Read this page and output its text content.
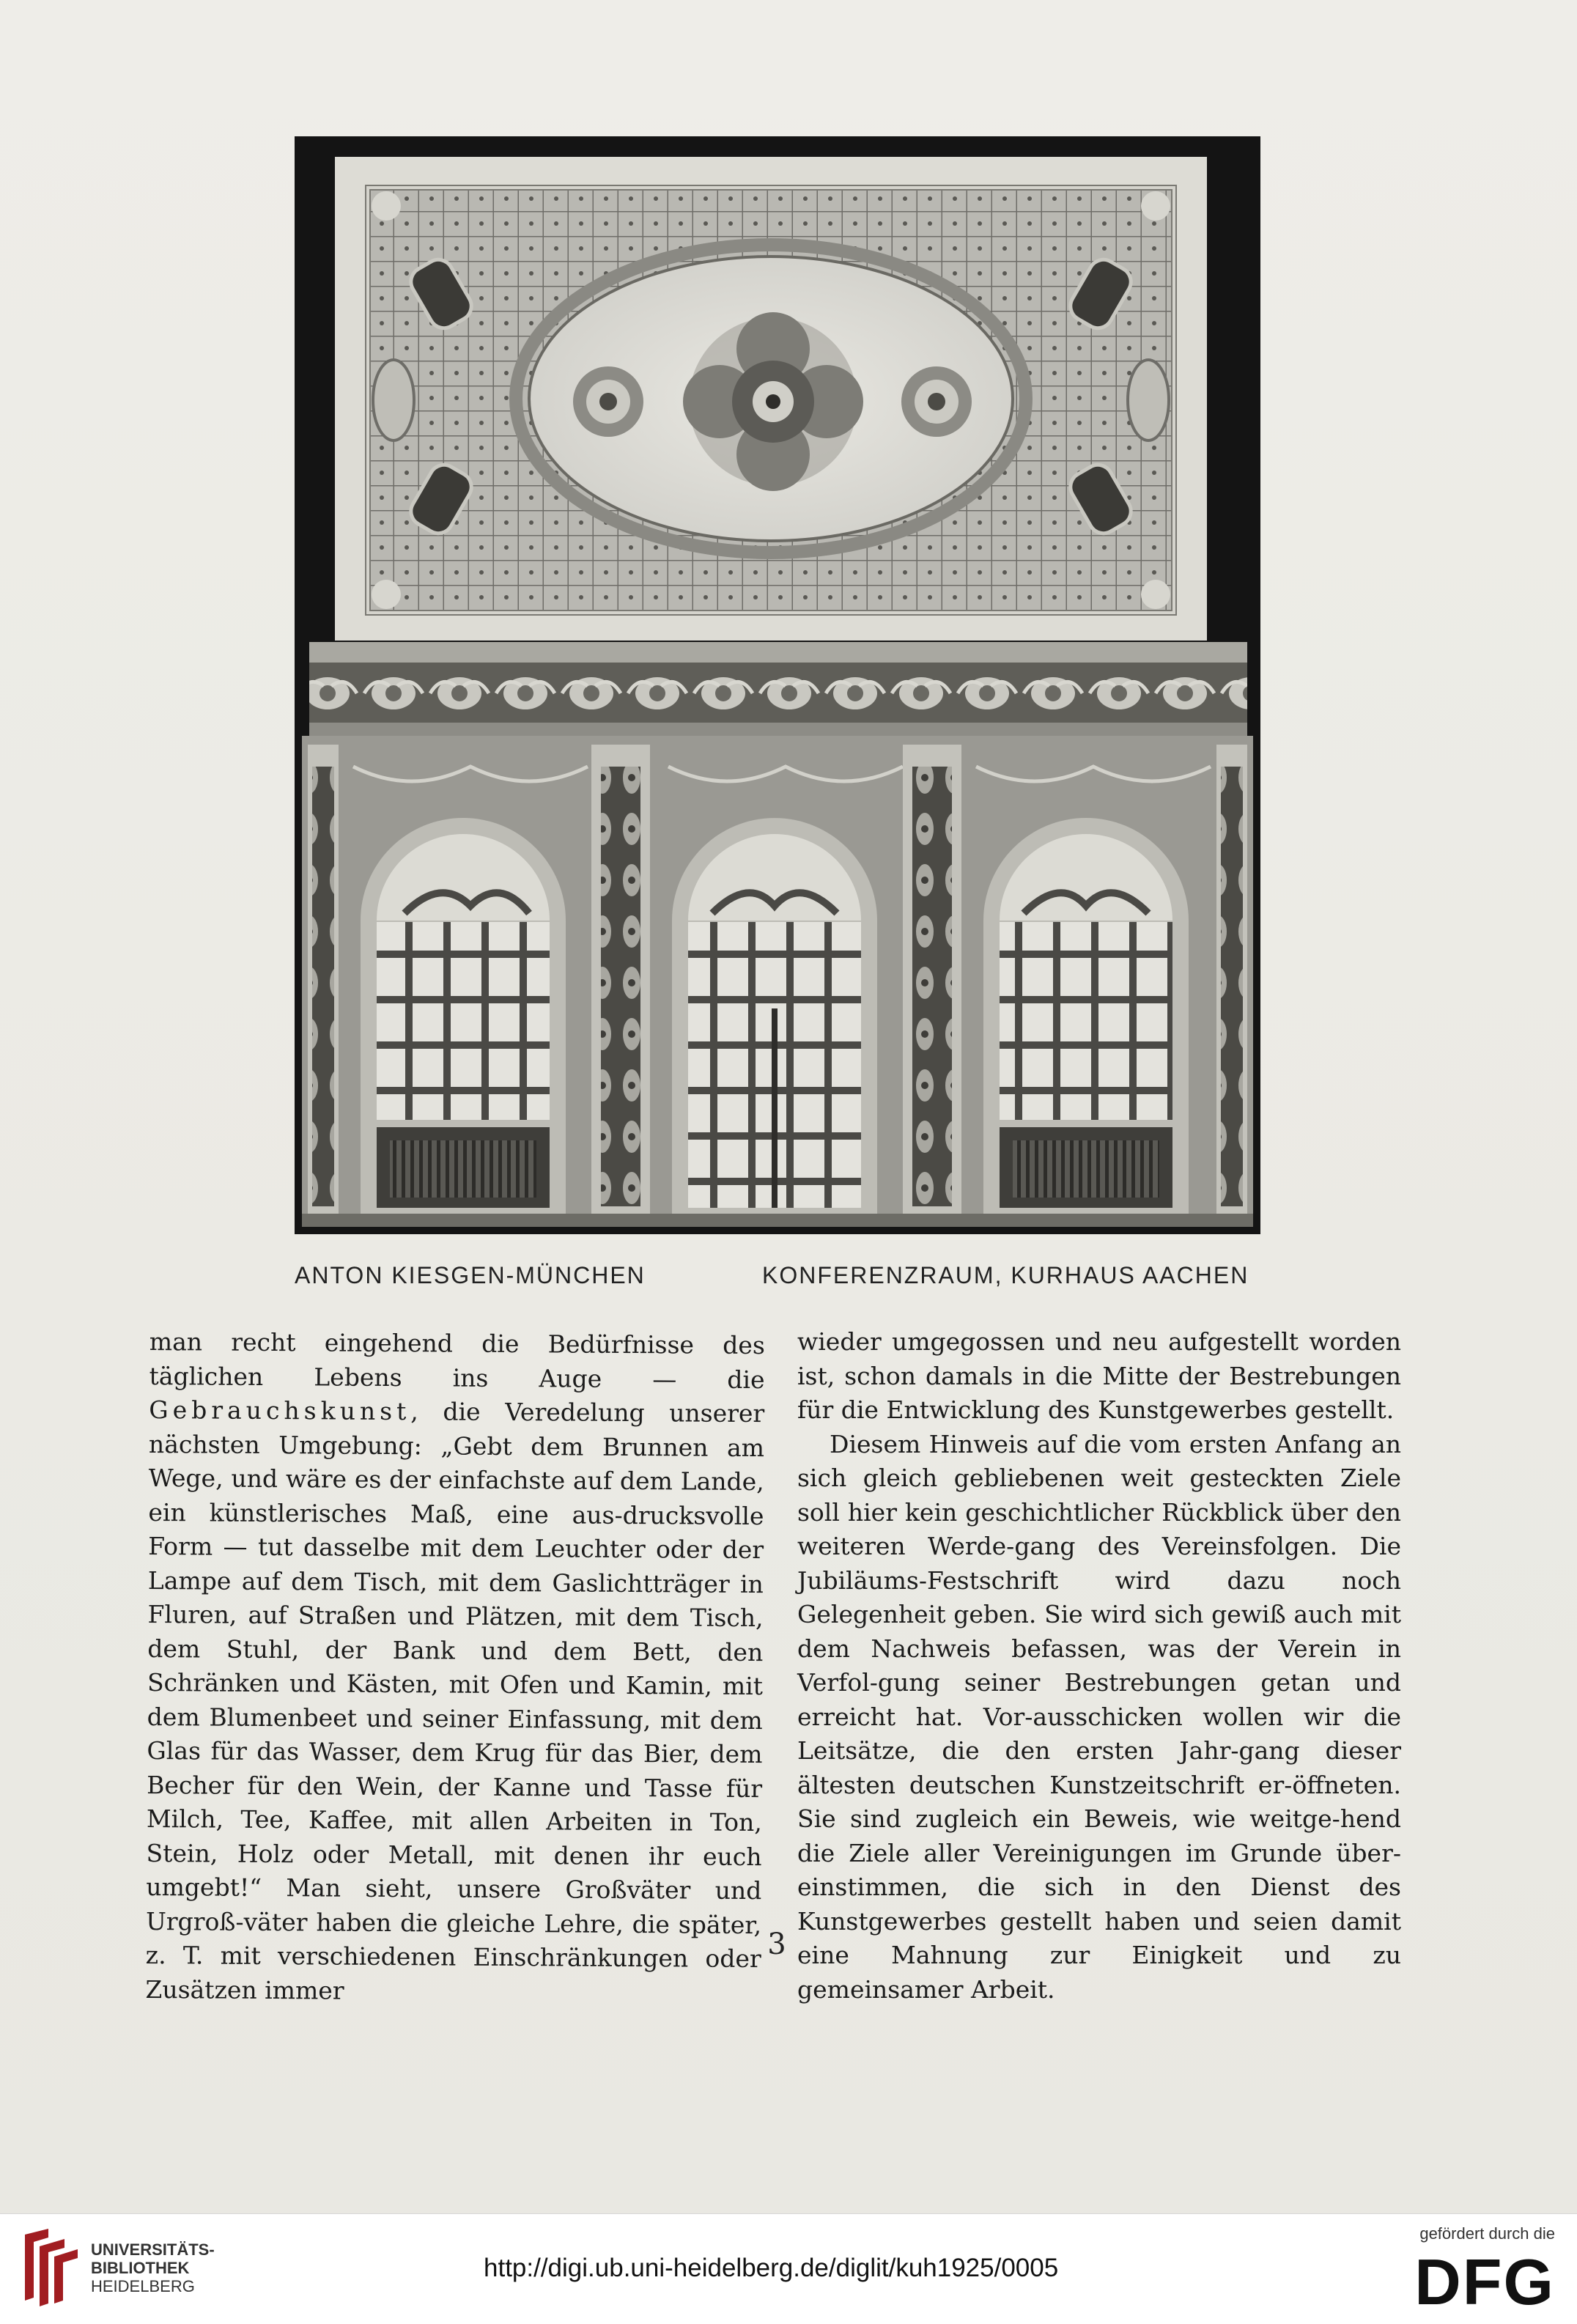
ANTON KIESGEN-MÜNCHEN	KONFERENZRAUM, KURHAUS AACHEN

man recht eingehend die Bedürfnisse des täglichen Lebens ins Auge — die Gebrauchskunst, die Veredelung unserer nächsten Umgebung: „Gebt dem Brunnen am Wege, und wäre es der einfachste auf dem Lande, ein künstlerisches Maß, eine aus-drucksvolle Form — tut dasselbe mit dem Leuchter oder der Lampe auf dem Tisch, mit dem Gaslichtträger in Fluren, auf Straßen und Plätzen, mit dem Tisch, dem Stuhl, der Bank und dem Bett, den Schränken und Kästen, mit Ofen und Kamin, mit dem Blumenbeet und seiner Einfassung, mit dem Glas für das Wasser, dem Krug für das Bier, dem Becher für den Wein, der Kanne und Tasse für Milch, Tee, Kaffee, mit allen Arbeiten in Ton, Stein, Holz oder Metall, mit denen ihr euch umgebt!“ Man sieht, unsere Großväter und Urgroß-väter haben die gleiche Lehre, die später, z. T. mit verschiedenen Einschränkungen oder Zusätzen immer

wieder umgegossen und neu aufgestellt worden ist, schon damals in die Mitte der Bestrebungen für die Entwicklung des Kunstgewerbes gestellt.

Diesem Hinweis auf die vom ersten Anfang an sich gleich gebliebenen weit gesteckten Ziele soll hier kein geschichtlicher Rückblick über den weiteren Werde-gang des Vereinsfolgen. Die Jubiläums-Festschrift wird dazu noch Gelegenheit geben. Sie wird sich gewiß auch mit dem Nachweis befassen, was der Verein in Verfol-gung seiner Bestrebungen getan und erreicht hat. Vor-ausschicken wollen wir die Leitsätze, die den ersten Jahr-gang dieser ältesten deutschen Kunstzeitschrift er-öffneten. Sie sind zugleich ein Beweis, wie weitge-hend die Ziele aller Vereinigungen im Grunde über-einstimmen, die sich in den Dienst des Kunstgewerbes gestellt haben und seien damit eine Mahnung zur Einigkeit und zu gemeinsamer Arbeit.

3
UNIVERSITÄTS-
BIBLIOTHEK
HEIDELBERG
http://digi.ub.uni-heidelberg.de/diglit/kuh1925/0005
gefördert durch die
DFG
